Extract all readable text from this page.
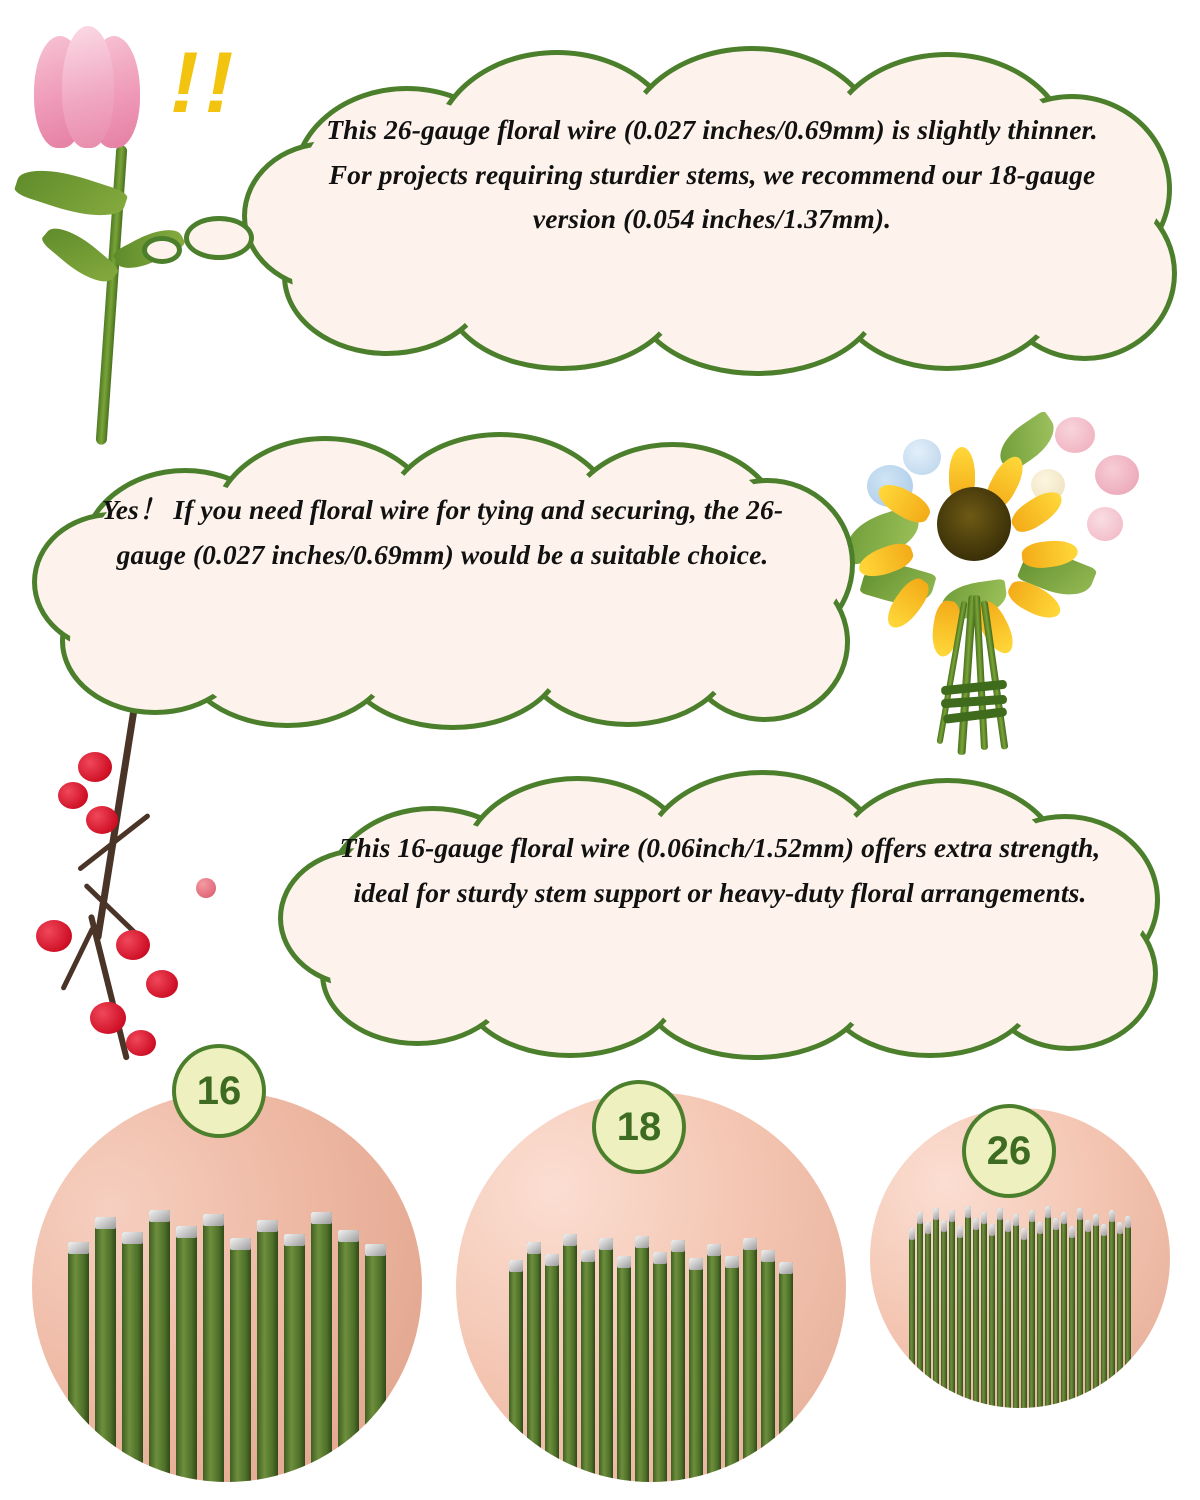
!!	This 26-gauge floral wire (0.027 inches/0.69mm) is slightly thinner. For projects requiring sturdier stems, we recommend our 18-gauge version (0.054 inches/1.37mm).
Yes！ If you need floral wire for tying and securing, the 26-gauge (0.027 inches/0.69mm) would be a suitable choice.
This 16-gauge floral wire (0.06inch/1.52mm) offers extra strength, ideal for sturdy stem support or heavy-duty floral arrangements.
16
18
26
